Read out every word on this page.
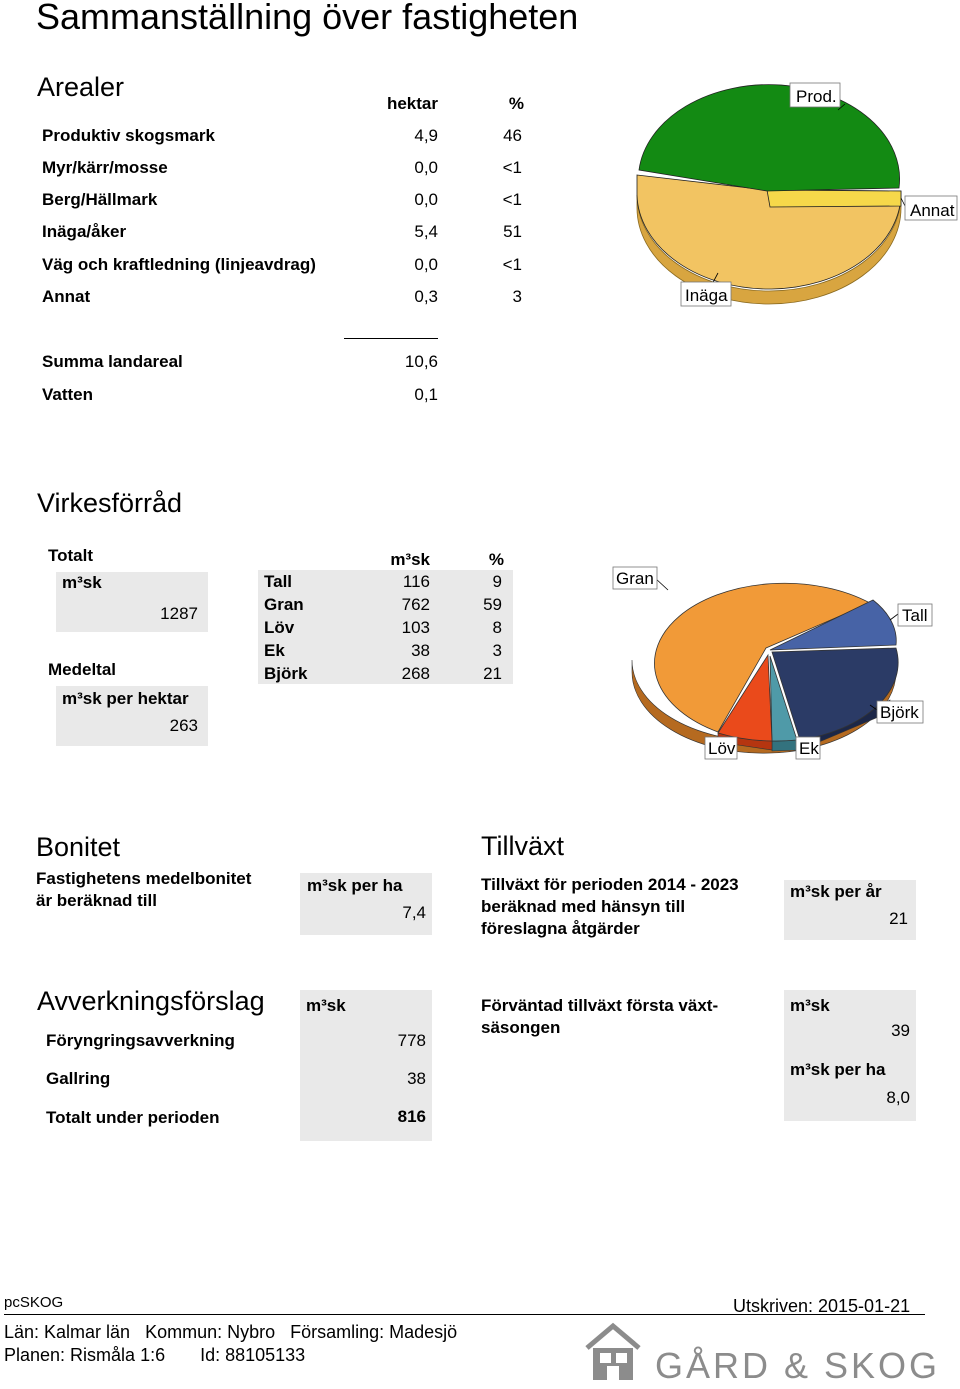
Sammanställning över fastigheten
Arealer
hektar	%
Produktiv skogsmark	4,9	46
Myr/kärr/mosse	0,0	<1
Berg/Hällmark	0,0	<1
Inäga/åker	5,4	51
Väg och kraftledning (linjeavdrag)	0,0	<1
Annat	0,3	3
Summa landareal	10,6
Vatten	0,1
Prod.
Annat
Inäga
Virkesförråd
Totalt
m³sk
1287
Medeltal
m³sk per hektar
263
m³sk	%
Tall	116	9
Gran	762	59
Löv	103	8
Ek	38	3
Björk	268	21
Gran
Tall
Björk
Löv	Ek
Bonitet
Fastighetens medelbonitet
är beräknad till
m³sk per ha
7,4
Tillväxt
Tillväxt för perioden 2014 - 2023
beräknad med hänsyn till
föreslagna åtgärder
m³sk per år
21
Avverkningsförslag m³sk
Föryngringsavverkning	778
Gallring	38
Totalt under perioden	816
Förväntad tillväxt första växt-
säsongen
m³sk
39
m³sk per ha
8,0
pcSKOG	Utskriven: 2015-01-21
Län: Kalmar län   Kommun: Nybro   Församling: Madesjö
Planen: Rismåla 1:6       Id: 88105133	GÅRD & SKOG
